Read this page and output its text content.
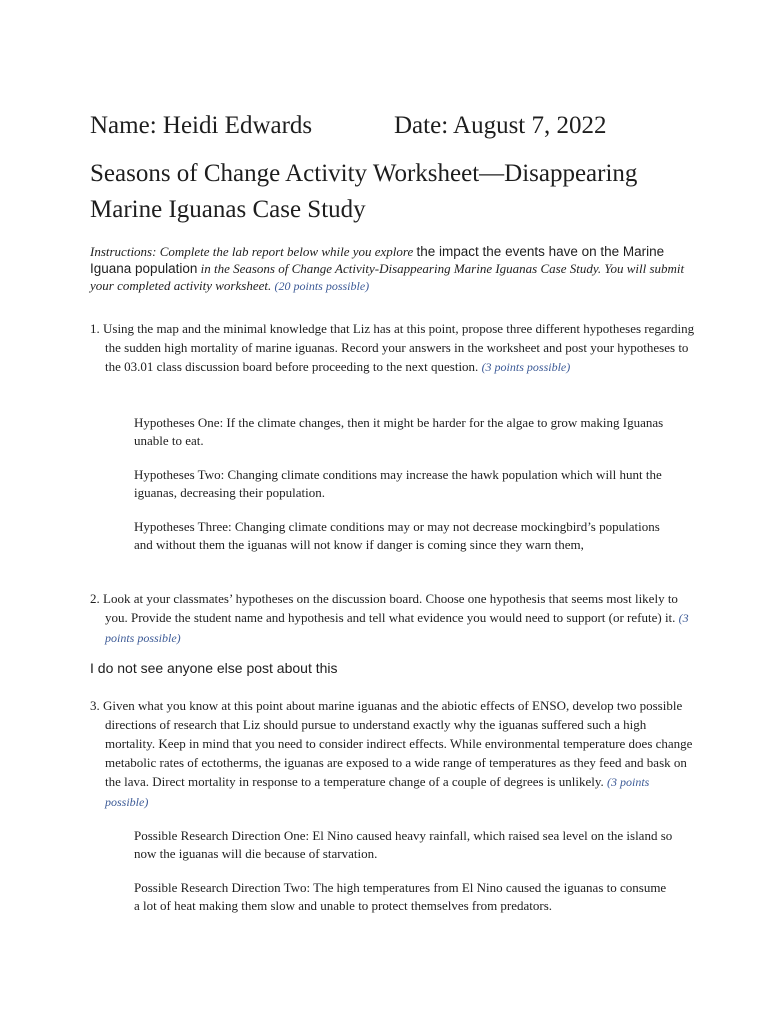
Name: Heidi Edwards	Date: August 7, 2022
Seasons of Change Activity Worksheet—Disappearing Marine Iguanas Case Study
Instructions: Complete the lab report below while you explore the impact the events have on the Marine Iguana population in the Seasons of Change Activity-Disappearing Marine Iguanas Case Study. You will submit your completed activity worksheet. (20 points possible)
1. Using the map and the minimal knowledge that Liz has at this point, propose three different hypotheses regarding the sudden high mortality of marine iguanas. Record your answers in the worksheet and post your hypotheses to the 03.01 class discussion board before proceeding to the next question. (3 points possible)
Hypotheses One: If the climate changes, then it might be harder for the algae to grow making Iguanas unable to eat.
Hypotheses Two: Changing climate conditions may increase the hawk population which will hunt the iguanas, decreasing their population.
Hypotheses Three: Changing climate conditions may or may not decrease mockingbird’s populations and without them the iguanas will not know if danger is coming since they warn them,
2. Look at your classmates’ hypotheses on the discussion board. Choose one hypothesis that seems most likely to you. Provide the student name and hypothesis and tell what evidence you would need to support (or refute) it. (3 points possible)
I do not see anyone else post about this
3. Given what you know at this point about marine iguanas and the abiotic effects of ENSO, develop two possible directions of research that Liz should pursue to understand exactly why the iguanas suffered such a high mortality. Keep in mind that you need to consider indirect effects. While environmental temperature does change metabolic rates of ectotherms, the iguanas are exposed to a wide range of temperatures as they feed and bask on the lava. Direct mortality in response to a temperature change of a couple of degrees is unlikely. (3 points possible)
Possible Research Direction One: El Nino caused heavy rainfall, which raised sea level on the island so now the iguanas will die because of starvation.
Possible Research Direction Two: The high temperatures from El Nino caused the iguanas to consume a lot of heat making them slow and unable to protect themselves from predators.
